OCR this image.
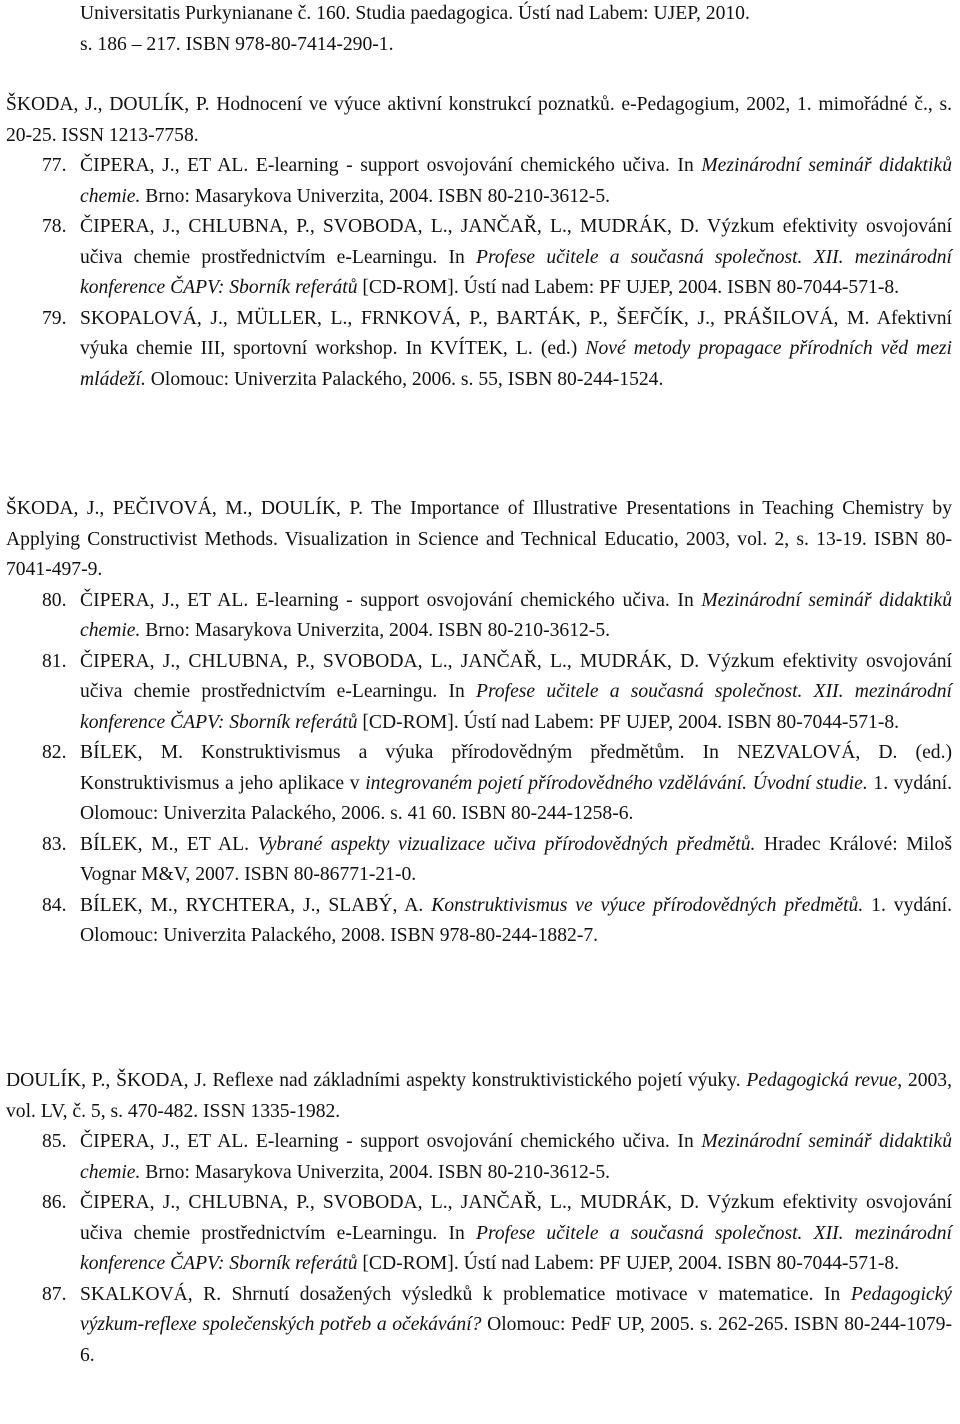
Universitatis Purkynianane č. 160. Studia paedagogica. Ústí nad Labem: UJEP, 2010.
s. 186 – 217. ISBN 978-80-7414-290-1.

ŠKODA, J., DOULÍK, P. Hodnocení ve výuce aktivní konstrukcí poznatků. e-Pedagogium, 2002, 1. mimořádné č., s. 20-25. ISSN 1213-7758.

77. ČIPERA, J., ET AL. E-learning - support osvojování chemického učiva. In Mezinárodní seminář didaktiků chemie. Brno: Masarykova Univerzita, 2004. ISBN 80-210-3612-5.

78. ČIPERA, J., CHLUBNA, P., SVOBODA, L., JANČAŘ, L., MUDRÁK, D. Výzkum efektivity osvojování učiva chemie prostřednictvím e-Learningu. In Profese učitele a současná společnost. XII. mezinárodní konference ČAPV: Sborník referátů [CD-ROM]. Ústí nad Labem: PF UJEP, 2004. ISBN 80-7044-571-8.

79. SKOPALOVÁ, J., MÜLLER, L., FRNKOVÁ, P., BARTÁK, P., ŠEFČÍK, J., PRÁŠILOVÁ, M. Afektivní výuka chemie III, sportovní workshop. In KVÍTEK, L. (ed.) Nové metody propagace přírodních věd mezi mládeží. Olomouc: Univerzita Palackého, 2006. s. 55, ISBN 80-244-1524.

ŠKODA, J., PEČIVOVÁ, M., DOULÍK, P. The Importance of Illustrative Presentations in Teaching Chemistry by Applying Constructivist Methods. Visualization in Science and Technical Educatio, 2003, vol. 2, s. 13-19. ISBN 80-7041-497-9.

80. ČIPERA, J., ET AL. E-learning - support osvojování chemického učiva. In Mezinárodní seminář didaktiků chemie. Brno: Masarykova Univerzita, 2004. ISBN 80-210-3612-5.

81. ČIPERA, J., CHLUBNA, P., SVOBODA, L., JANČAŘ, L., MUDRÁK, D. Výzkum efektivity osvojování učiva chemie prostřednictvím e-Learningu. In Profese učitele a současná společnost. XII. mezinárodní konference ČAPV: Sborník referátů [CD-ROM]. Ústí nad Labem: PF UJEP, 2004. ISBN 80-7044-571-8.

82. BÍLEK, M. Konstruktivismus a výuka přírodovědným předmětům. In NEZVALOVÁ, D. (ed.) Konstruktivismus a jeho aplikace v integrovaném pojetí přírodovědného vzdělávání. Úvodní studie. 1. vydání. Olomouc: Univerzita Palackého, 2006. s. 41 60. ISBN 80-244-1258-6.

83. BÍLEK, M., ET AL. Vybrané aspekty vizualizace učiva přírodovědných předmětů. Hradec Králové: Miloš Vognar M&V, 2007. ISBN 80-86771-21-0.

84. BÍLEK, M., RYCHTERA, J., SLABÝ, A. Konstruktivismus ve výuce přírodovědných předmětů. 1. vydání. Olomouc: Univerzita Palackého, 2008. ISBN 978-80-244-1882-7.

DOULÍK, P., ŠKODA, J. Reflexe nad základními aspekty konstruktivistického pojetí výuky. Pedagogická revue, 2003, vol. LV, č. 5, s. 470-482. ISSN 1335-1982.

85. ČIPERA, J., ET AL. E-learning - support osvojování chemického učiva. In Mezinárodní seminář didaktiků chemie. Brno: Masarykova Univerzita, 2004. ISBN 80-210-3612-5.

86. ČIPERA, J., CHLUBNA, P., SVOBODA, L., JANČAŘ, L., MUDRÁK, D. Výzkum efektivity osvojování učiva chemie prostřednictvím e-Learningu. In Profese učitele a současná společnost. XII. mezinárodní konference ČAPV: Sborník referátů [CD-ROM]. Ústí nad Labem: PF UJEP, 2004. ISBN 80-7044-571-8.

87. SKALKOVÁ, R. Shrnutí dosažených výsledků k problematice motivace v matematice. In Pedagogický výzkum-reflexe společenských potřeb a očekávání? Olomouc: PedF UP, 2005. s. 262-265. ISBN 80-244-1079-6.
